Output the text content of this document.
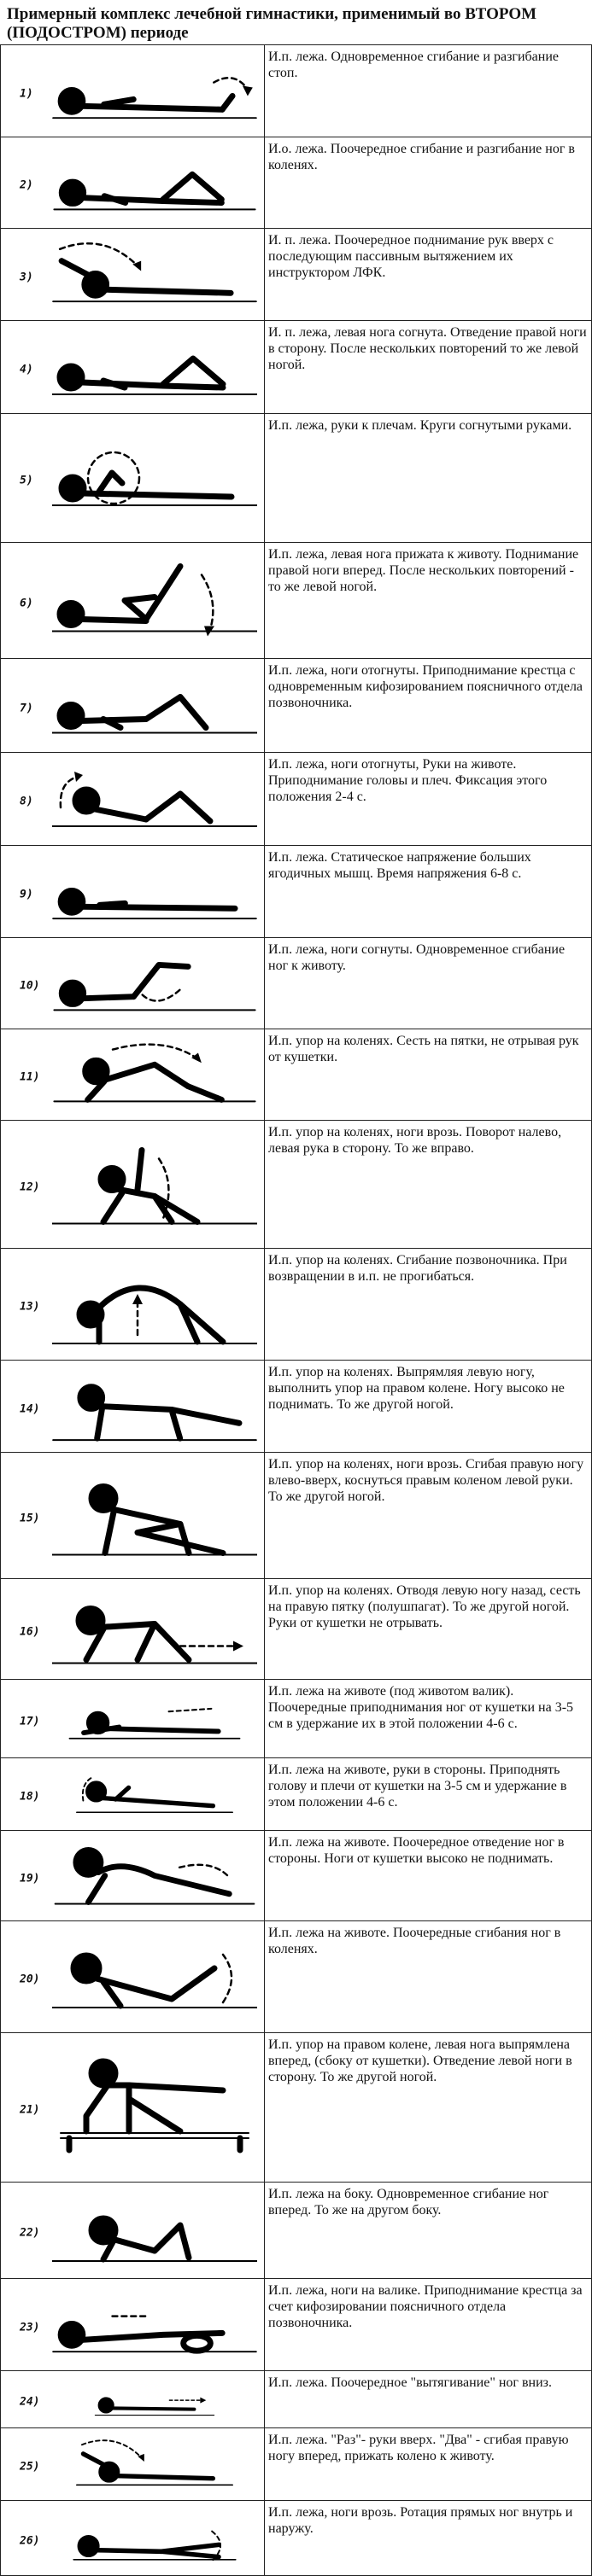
Примерный комплекс лечебной гимнастики, применимый во ВТОРОМ (ПОДОСТРОМ) периоде
1)	И.п. лежа. Одновременное сгибание и разгибание стоп.

2)	И.о. лежа. Поочередное сгибание и разгибание ног в коленях.

3)	И. п. лежа. Поочередное поднимание рук вверх с последующим пассивным вытяжением их инструктором ЛФК.

4)	И. п. лежа, левая нога согнута. Отведение правой ноги в сторону. После нескольких повторений то же левой ногой.

5)	И.п. лежа, руки к плечам. Круги согнутыми руками.

6)	И.п. лежа, левая нога прижата к животу. Поднимание правой ноги вперед. После нескольких повторений - то же левой ногой.

7)	И.п. лежа, ноги отогнуты. Приподнимание крестца с одновременным кифозированием поясничного отдела позвоночника.

8)	И.п. лежа, ноги отогнуты, Руки на животе. Приподнимание головы и плеч. Фиксация этого положения 2-4 с.

9)	И.п. лежа. Статическое напряжение больших ягодичных мышц. Время напряжения 6-8 с.

10)	И.п. лежа, ноги согнуты. Одновременное сгибание ног к животу.

11)	И.п. упор на коленях. Сесть на пятки, не отрывая рук от кушетки.

12)	И.п. упор на коленях, ноги врозь. Поворот налево, левая рука в сторону. То же вправо.

13)	И.п. упор на коленях. Сгибание позвоночника. При возвращении в и.п. не прогибаться.

14)	И.п. упор на коленях. Выпрямляя левую ногу, выполнить упор на правом колене. Ногу высоко не поднимать. То же другой ногой.

15)	И.п. упор на коленях, ноги врозь. Сгибая правую ногу влево-вверх, коснуться правым коленом левой руки. То же другой ногой.

16)	И.п. упор на коленях. Отводя левую ногу назад, сесть на правую пятку (полушпагат). То же другой ногой. Руки от кушетки не отрывать.

17)	И.п. лежа на животе (под животом валик). Поочередные приподнимания ног от кушетки на 3-5 см в удержание их в этой положении 4-6 с.

18)	И.п. лежа на животе, руки в стороны. Приподнять голову и плечи от кушетки на 3-5 см и удержание в этом положении 4-6 с.

19)	И.п. лежа на животе. Поочередное отведение ног в стороны. Ноги от кушетки высоко не поднимать.

20)	И.п. лежа на животе. Поочередные сгибания ног в коленях.

21)	И.п. упор на правом колене, левая нога выпрямлена вперед, (сбоку от кушетки). Отведение левой ноги в сторону. То же другой ногой.

22)	И.п. лежа на боку. Одновременное сгибание ног вперед. То же на другом боку.

23)	И.п. лежа, ноги на валике. Приподнимание крестца за счет кифозировании поясничного отдела позвоночника.

24)	И.п. лежа. Поочередное "вытягивание" ног вниз.

25)	И.п. лежа. "Раз"- руки вверх. "Два" - сгибая правую ногу вперед, прижать колено к животу.

26)	И.п. лежа, ноги врозь. Ротация прямых ног внутрь и наружу.
